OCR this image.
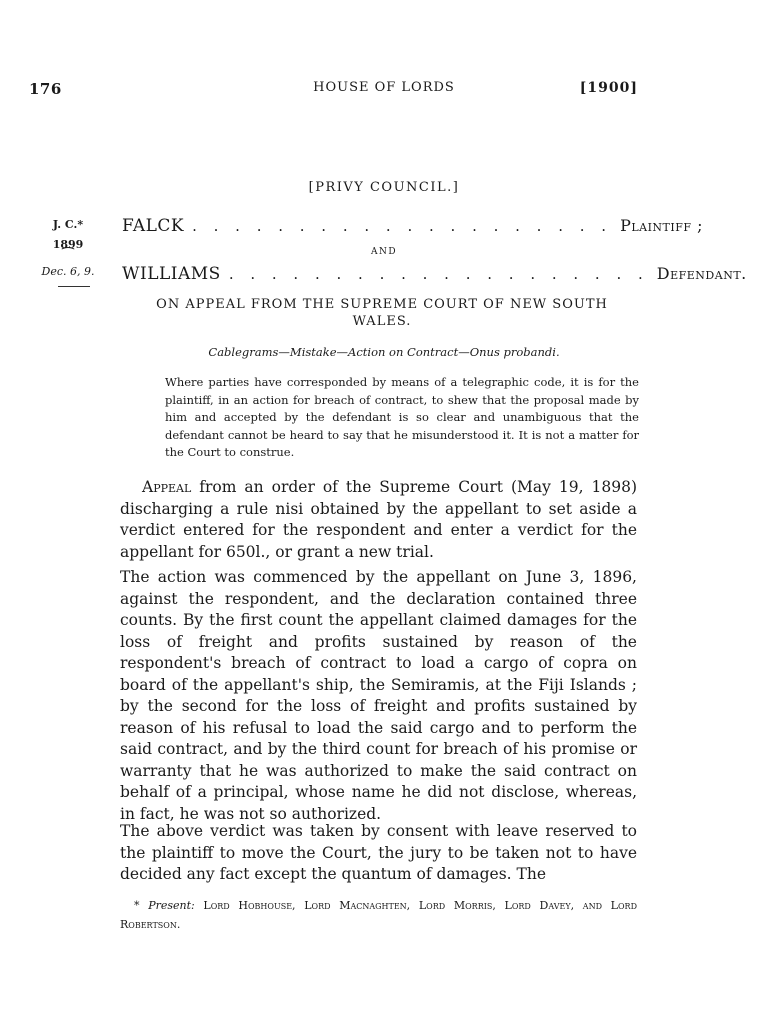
176	HOUSE OF LORDS	[1900]
[PRIVY COUNCIL.]
J. C.*
1899
⁀
Dec. 6, 9.
FALCK . . . . . . . . . . . . . . . . . . . . Plaintiff ;
AND
WILLIAMS . . . . . . . . . . . . . . . . . . . . Defendant.
ON APPEAL FROM THE SUPREME COURT OF NEW SOUTH WALES.
Cablegrams—Mistake—Action on Contract—Onus probandi.
Where parties have corresponded by means of a telegraphic code, it is for the plaintiff, in an action for breach of contract, to shew that the proposal made by him and accepted by the defendant is so clear and unambiguous that the defendant cannot be heard to say that he misunderstood it. It is not a matter for the Court to construe.
Appeal from an order of the Supreme Court (May 19, 1898) discharging a rule nisi obtained by the appellant to set aside a verdict entered for the respondent and enter a verdict for the appellant for 650l., or grant a new trial.
The action was commenced by the appellant on June 3, 1896, against the respondent, and the declaration contained three counts. By the first count the appellant claimed damages for the loss of freight and profits sustained by reason of the respondent's breach of contract to load a cargo of copra on board of the appellant's ship, the Semiramis, at the Fiji Islands ; by the second for the loss of freight and profits sustained by reason of his refusal to load the said cargo and to perform the said contract, and by the third count for breach of his promise or warranty that he was authorized to make the said contract on behalf of a principal, whose name he did not disclose, whereas, in fact, he was not so authorized.
The above verdict was taken by consent with leave reserved to the plaintiff to move the Court, the jury to be taken not to have decided any fact except the quantum of damages. The
* Present: Lord Hobhouse, Lord Macnaghten, Lord Morris, Lord Davey, and Lord Robertson.
